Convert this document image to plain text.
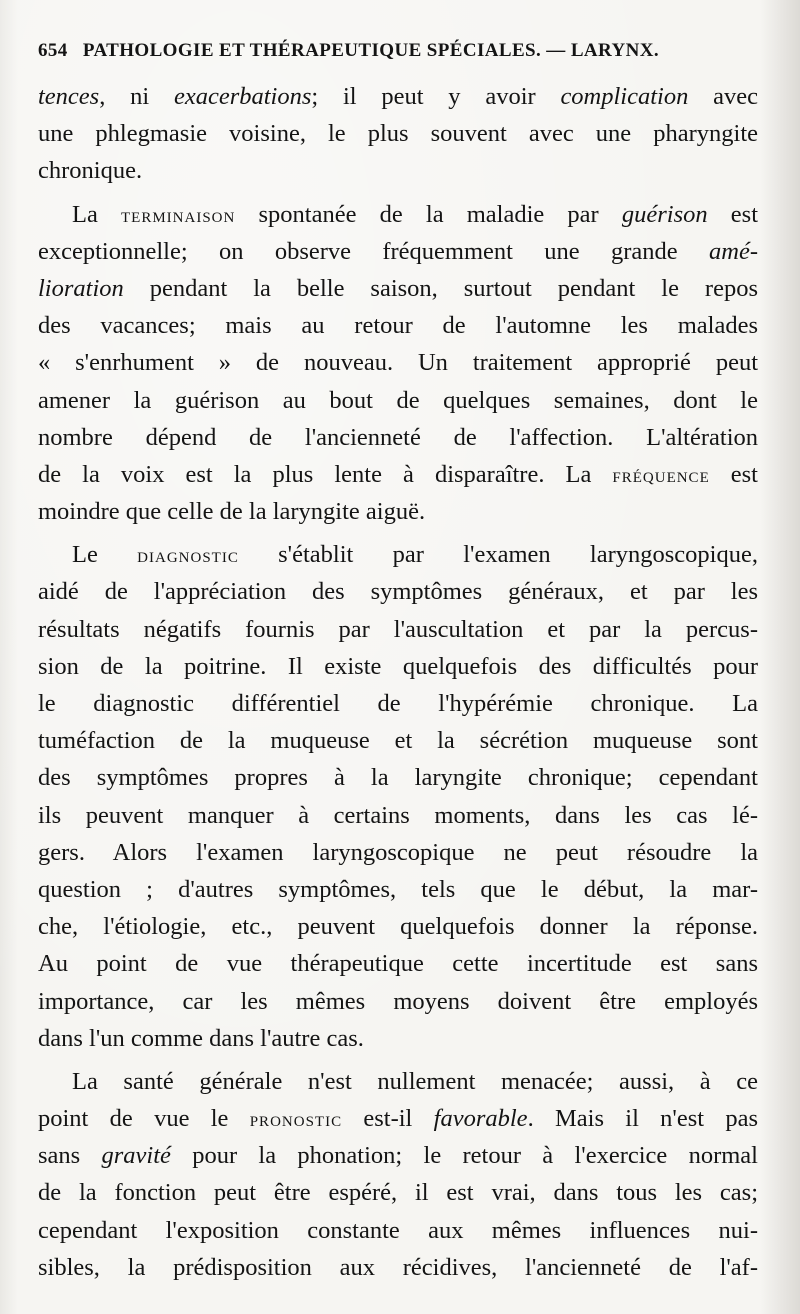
654 PATHOLOGIE ET THÉRAPEUTIQUE SPÉCIALES. — LARYNX.
tences, ni exacerbations; il peut y avoir complication avec
une phlegmasie voisine, le plus souvent avec une pharyngite
chronique.
La terminaison spontanée de la maladie par guérison est
exceptionnelle; on observe fréquemment une grande amé-
lioration pendant la belle saison, surtout pendant le repos
des vacances; mais au retour de l'automne les malades
« s'enrhument » de nouveau. Un traitement approprié peut
amener la guérison au bout de quelques semaines, dont le
nombre dépend de l'ancienneté de l'affection. L'altération
de la voix est la plus lente à disparaître. La fréquence est
moindre que celle de la laryngite aiguë.
Le diagnostic s'établit par l'examen laryngoscopique,
aidé de l'appréciation des symptômes généraux, et par les
résultats négatifs fournis par l'auscultation et par la percus-
sion de la poitrine. Il existe quelquefois des difficultés pour
le diagnostic différentiel de l'hypérémie chronique. La
tuméfaction de la muqueuse et la sécrétion muqueuse sont
des symptômes propres à la laryngite chronique; cependant
ils peuvent manquer à certains moments, dans les cas lé-
gers. Alors l'examen laryngoscopique ne peut résoudre la
question ; d'autres symptômes, tels que le début, la mar-
che, l'étiologie, etc., peuvent quelquefois donner la réponse.
Au point de vue thérapeutique cette incertitude est sans
importance, car les mêmes moyens doivent être employés
dans l'un comme dans l'autre cas.
La santé générale n'est nullement menacée; aussi, à ce
point de vue le pronostic est-il favorable. Mais il n'est pas
sans gravité pour la phonation; le retour à l'exercice normal
de la fonction peut être espéré, il est vrai, dans tous les cas;
cependant l'exposition constante aux mêmes influences nui-
sibles, la prédisposition aux récidives, l'ancienneté de l'af-
